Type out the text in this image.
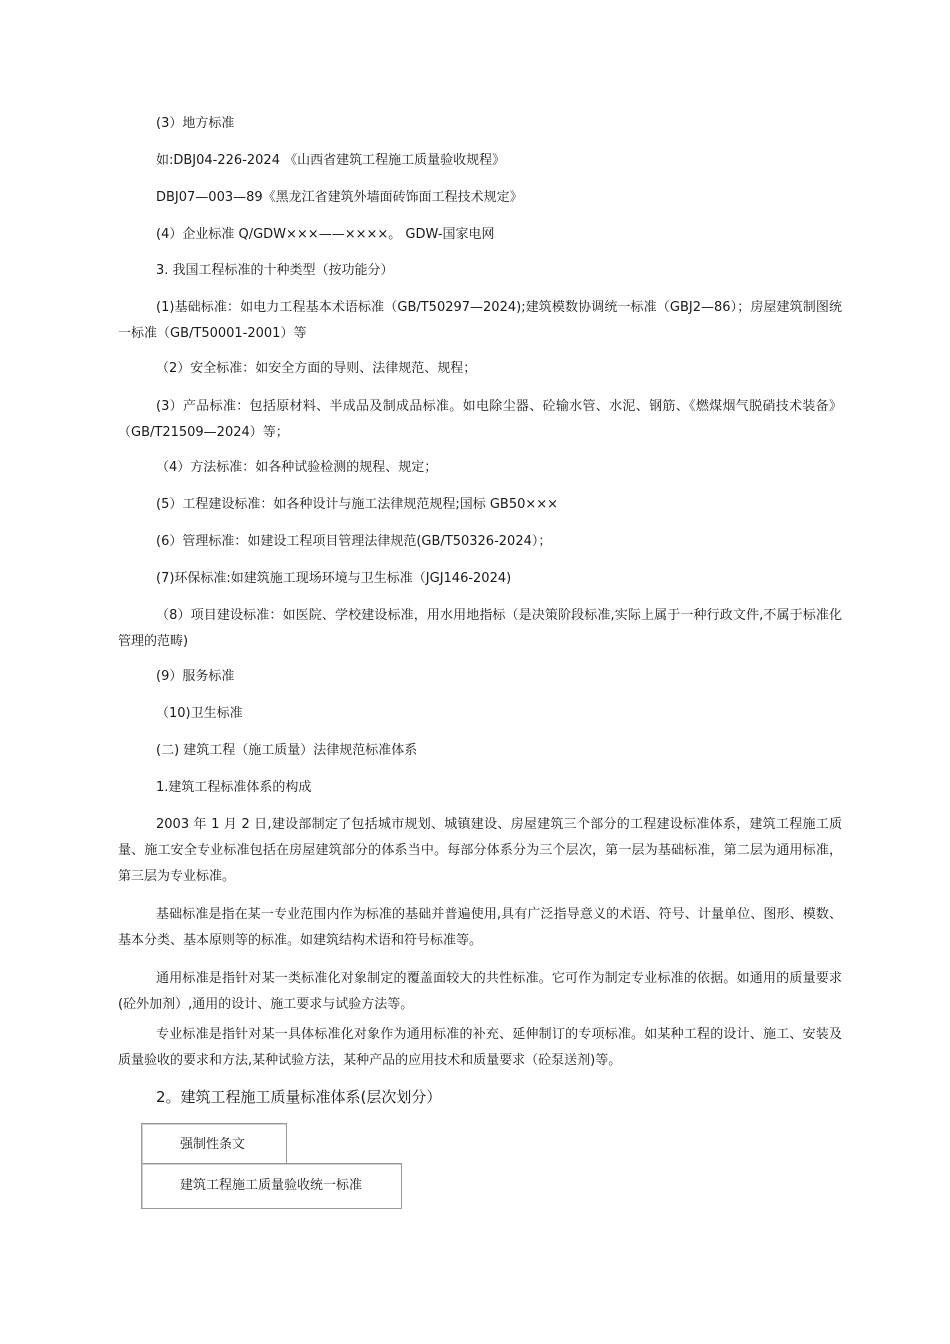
(3）地方标准
如:DBJ04-226-2024 《山西省建筑工程施工质量验收规程》
DBJ07—003—89《黑龙江省建筑外墙面砖饰面工程技术规定》
(4）企业标准 Q/GDW×××——××××。 GDW-国家电网
3. 我国工程标准的十种类型（按功能分）
(1)基础标准：如电力工程基本术语标准（GB/T50297—2024);建筑模数协调统一标准（GBJ2—86）；房屋建筑制图统一标准（GB/T50001-2001）等
（2）安全标准：如安全方面的导则、法律规范、规程；
(3）产品标准：包括原材料、半成品及制成品标准。如电除尘器、砼输水管、水泥、钢筋、《燃煤烟气脱硝技术装备》（GB/T21509—2024）等；
（4）方法标准：如各种试验检测的规程、规定；
(5）工程建设标准：如各种设计与施工法律规范规程;国标 GB50×××
(6）管理标准：如建设工程项目管理法律规范(GB/T50326-2024）；
(7)环保标准:如建筑施工现场环境与卫生标准（JGJ146-2024)
（8）项目建设标准：如医院、学校建设标准，用水用地指标（是决策阶段标准,实际上属于一种行政文件,不属于标准化管理的范畴)
(9）服务标准
（10)卫生标准
(二) 建筑工程（施工质量）法律规范标准体系
1.建筑工程标准体系的构成
2003 年 1 月 2 日,建设部制定了包括城市规划、城镇建设、房屋建筑三个部分的工程建设标准体系，建筑工程施工质量、施工安全专业标准包括在房屋建筑部分的体系当中。每部分体系分为三个层次，第一层为基础标准，第二层为通用标准，第三层为专业标准。
基础标准是指在某一专业范围内作为标准的基础并普遍使用,具有广泛指导意义的术语、符号、计量单位、图形、模数、基本分类、基本原则等的标准。如建筑结构术语和符号标准等。
通用标准是指针对某一类标准化对象制定的覆盖面较大的共性标准。它可作为制定专业标准的依据。如通用的质量要求(砼外加剂）,通用的设计、施工要求与试验方法等。
专业标准是指针对某一具体标准化对象作为通用标准的补充、延伸制订的专项标准。如某种工程的设计、施工、安装及质量验收的要求和方法,某种试验方法，某种产品的应用技术和质量要求（砼泵送剂)等。
2。建筑工程施工质量标准体系(层次划分）
强制性条文
建筑工程施工质量验收统一标准
